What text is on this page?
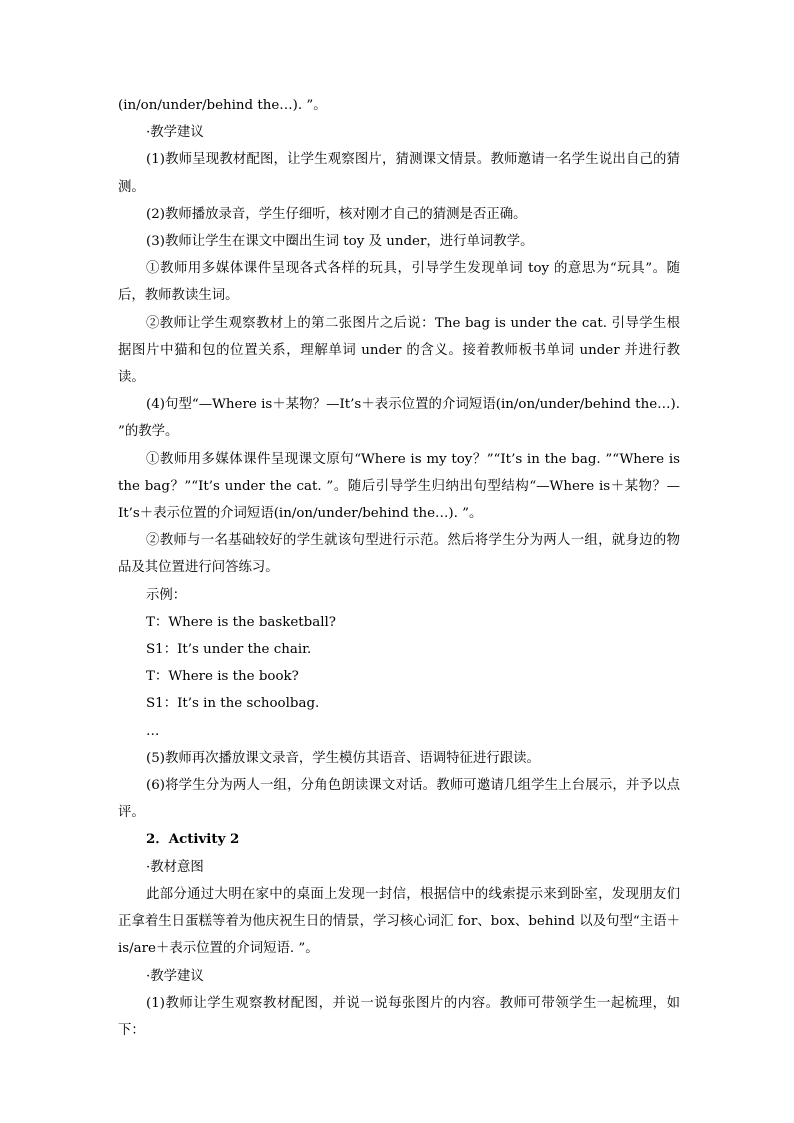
(in/on/under/behind the…). ”。

·教学建议

(1)教师呈现教材配图，让学生观察图片，猜测课文情景。教师邀请一名学生说出自己的猜测。

(2)教师播放录音，学生仔细听，核对刚才自己的猜测是否正确。

(3)教师让学生在课文中圈出生词 toy 及 under，进行单词教学。

①教师用多媒体课件呈现各式各样的玩具，引导学生发现单词 toy 的意思为“玩具”。随后，教师教读生词。

②教师让学生观察教材上的第二张图片之后说：The bag is under the cat. 引导学生根据图片中猫和包的位置关系，理解单词 under 的含义。接着教师板书单词 under 并进行教读。

(4)句型“—Where is＋某物？—It’s＋表示位置的介词短语(in/on/under/behind the…). ”的教学。

①教师用多媒体课件呈现课文原句“Where is my toy？”“It’s in the bag. ”“Where is the bag？”“It’s under the cat. ”。随后引导学生归纳出句型结构“—Where is＋某物？—It’s＋表示位置的介词短语(in/on/under/behind the…). ”。

②教师与一名基础较好的学生就该句型进行示范。然后将学生分为两人一组，就身边的物品及其位置进行问答练习。

示例：

T：Where is the basketball?

S1：It’s under the chair.

T：Where is the book?

S1：It’s in the schoolbag.

…

(5)教师再次播放课文录音，学生模仿其语音、语调特征进行跟读。

(6)将学生分为两人一组，分角色朗读课文对话。教师可邀请几组学生上台展示，并予以点评。

2．Activity 2

·教材意图

此部分通过大明在家中的桌面上发现一封信，根据信中的线索提示来到卧室，发现朋友们正拿着生日蛋糕等着为他庆祝生日的情景，学习核心词汇 for、box、behind 以及句型“主语＋is/are＋表示位置的介词短语. ”。

·教学建议

(1)教师让学生观察教材配图，并说一说每张图片的内容。教师可带领学生一起梳理，如下：
